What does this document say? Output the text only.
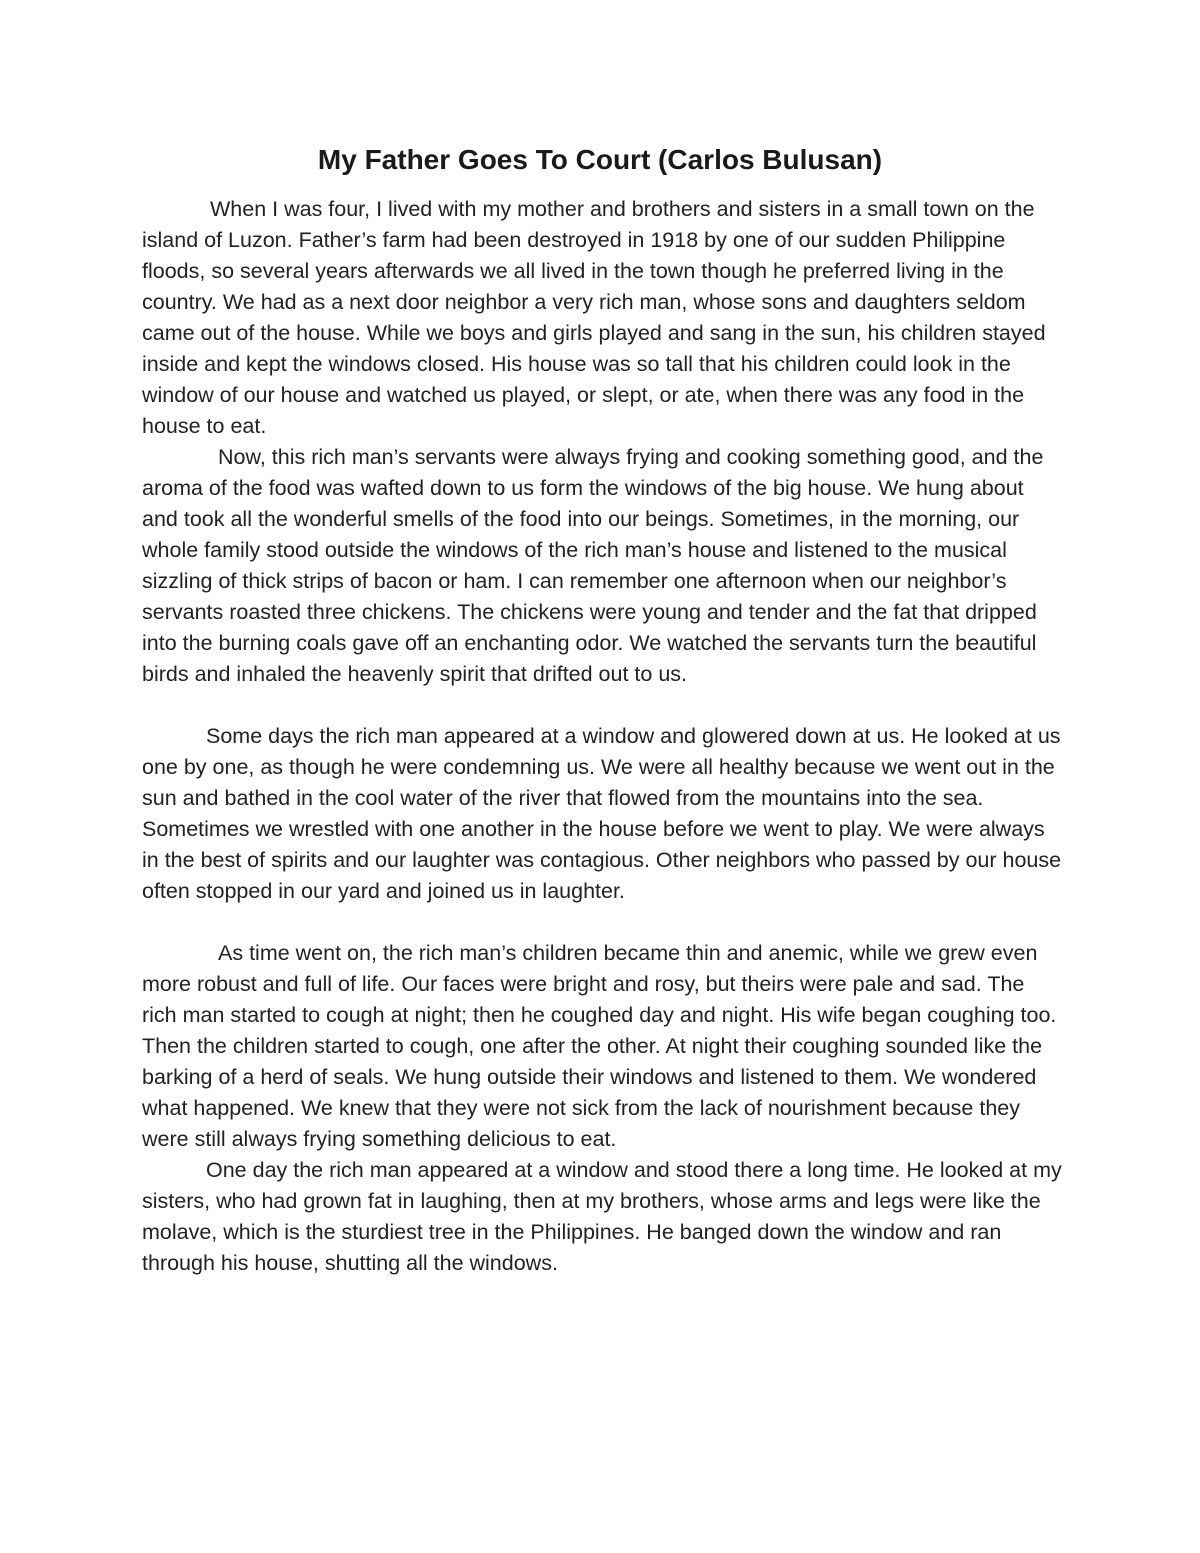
My Father Goes To Court (Carlos Bulusan)

When I was four, I lived with my mother and brothers and sisters in a small town on the island of Luzon. Father’s farm had been destroyed in 1918 by one of our sudden Philippine floods, so several years afterwards we all lived in the town though he preferred living in the country. We had as a next door neighbor a very rich man, whose sons and daughters seldom came out of the house. While we boys and girls played and sang in the sun, his children stayed inside and kept the windows closed. His house was so tall that his children could look in the window of our house and watched us played, or slept, or ate, when there was any food in the house to eat.

Now, this rich man’s servants were always frying and cooking something good, and the aroma of the food was wafted down to us form the windows of the big house. We hung about and took all the wonderful smells of the food into our beings. Sometimes, in the morning, our whole family stood outside the windows of the rich man’s house and listened to the musical sizzling of thick strips of bacon or ham. I can remember one afternoon when our neighbor’s servants roasted three chickens. The chickens were young and tender and the fat that dripped into the burning coals gave off an enchanting odor. We watched the servants turn the beautiful birds and inhaled the heavenly spirit that drifted out to us.

Some days the rich man appeared at a window and glowered down at us. He looked at us one by one, as though he were condemning us. We were all healthy because we went out in the sun and bathed in the cool water of the river that flowed from the mountains into the sea. Sometimes we wrestled with one another in the house before we went to play. We were always in the best of spirits and our laughter was contagious. Other neighbors who passed by our house often stopped in our yard and joined us in laughter.

As time went on, the rich man’s children became thin and anemic, while we grew even more robust and full of life. Our faces were bright and rosy, but theirs were pale and sad. The rich man started to cough at night; then he coughed day and night. His wife began coughing too. Then the children started to cough, one after the other. At night their coughing sounded like the barking of a herd of seals. We hung outside their windows and listened to them. We wondered what happened. We knew that they were not sick from the lack of nourishment because they were still always frying something delicious to eat.

One day the rich man appeared at a window and stood there a long time. He looked at my sisters, who had grown fat in laughing, then at my brothers, whose arms and legs were like the molave, which is the sturdiest tree in the Philippines. He banged down the window and ran through his house, shutting all the windows.
